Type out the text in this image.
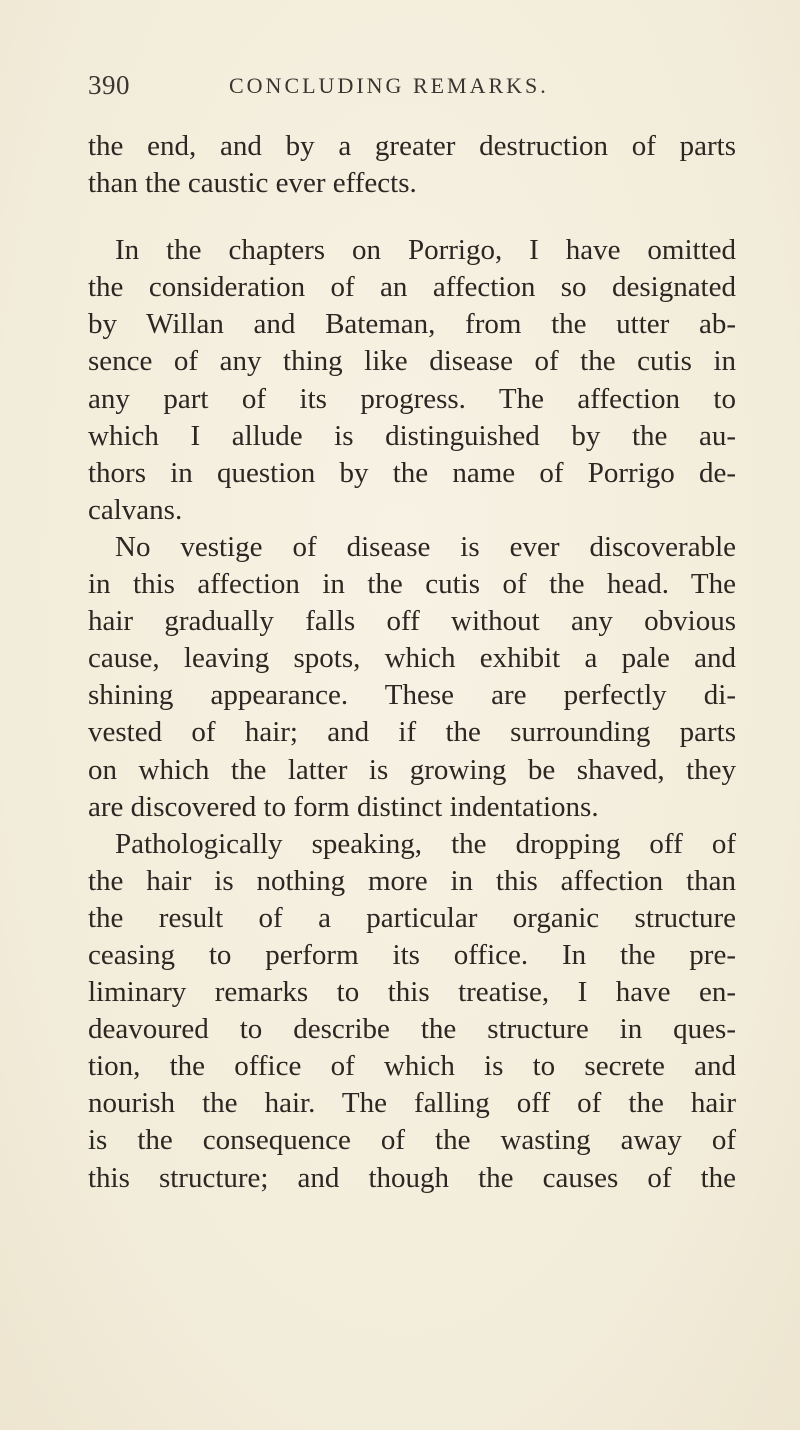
390	CONCLUDING REMARKS.
the end, and by a greater destruction of parts
than the caustic ever effects.
In the chapters on Porrigo, I have omitted
the consideration of an affection so designated
by Willan and Bateman, from the utter ab-
sence of any thing like disease of the cutis in
any part of its progress. The affection to
which I allude is distinguished by the au-
thors in question by the name of Porrigo de-
calvans.
No vestige of disease is ever discoverable
in this affection in the cutis of the head. The
hair gradually falls off without any obvious
cause, leaving spots, which exhibit a pale and
shining appearance. These are perfectly di-
vested of hair; and if the surrounding parts
on which the latter is growing be shaved, they
are discovered to form distinct indentations.
Pathologically speaking, the dropping off of
the hair is nothing more in this affection than
the result of a particular organic structure
ceasing to perform its office. In the pre-
liminary remarks to this treatise, I have en-
deavoured to describe the structure in ques-
tion, the office of which is to secrete and
nourish the hair. The falling off of the hair
is the consequence of the wasting away of
this structure; and though the causes of the
